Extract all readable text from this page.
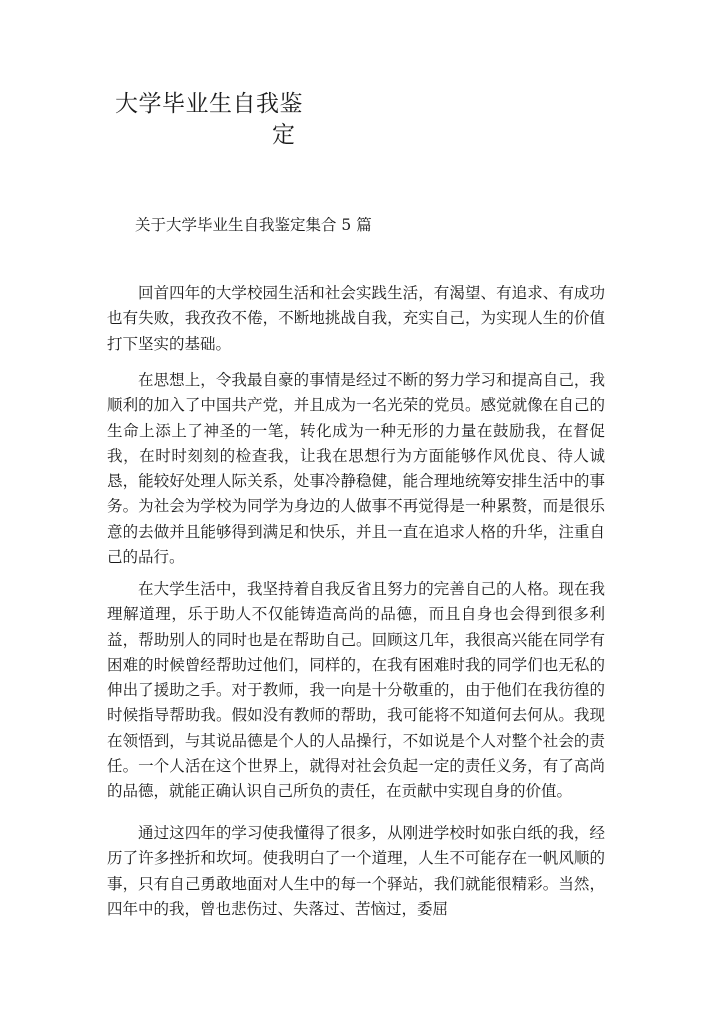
大学毕业生自我鉴
定
关于大学毕业生自我鉴定集合 5 篇

回首四年的大学校园生活和社会实践生活，有渴望、有追求、有成功也有失败，我孜孜不倦，不断地挑战自我，充实自己，为实现人生的价值打下坚实的基础。

在思想上，令我最自豪的事情是经过不断的努力学习和提高自己，我顺利的加入了中国共产党，并且成为一名光荣的党员。感觉就像在自己的生命上添上了神圣的一笔，转化成为一种无形的力量在鼓励我，在督促我，在时时刻刻的检查我，让我在思想行为方面能够作风优良、待人诚恳，能较好处理人际关系，处事冷静稳健，能合理地统筹安排生活中的事务。为社会为学校为同学为身边的人做事不再觉得是一种累赘，而是很乐意的去做并且能够得到满足和快乐，并且一直在追求人格的升华，注重自己的品行。

在大学生活中，我坚持着自我反省且努力的完善自己的人格。现在我理解道理，乐于助人不仅能铸造高尚的品德，而且自身也会得到很多利益，帮助别人的同时也是在帮助自己。回顾这几年，我很高兴能在同学有困难的时候曾经帮助过他们，同样的，在我有困难时我的同学们也无私的伸出了援助之手。对于教师，我一向是十分敬重的，由于他们在我彷徨的时候指导帮助我。假如没有教师的帮助，我可能将不知道何去何从。我现在领悟到，与其说品德是个人的人品操行，不如说是个人对整个社会的责任。一个人活在这个世界上，就得对社会负起一定的责任义务，有了高尚的品德，就能正确认识自己所负的责任，在贡献中实现自身的价值。

通过这四年的学习使我懂得了很多，从刚进学校时如张白纸的我，经历了许多挫折和坎坷。使我明白了一个道理，人生不可能存在一帆风顺的事，只有自己勇敢地面对人生中的每一个驿站，我们就能很精彩。当然，四年中的我，曾也悲伤过、失落过、苦恼过，委屈
